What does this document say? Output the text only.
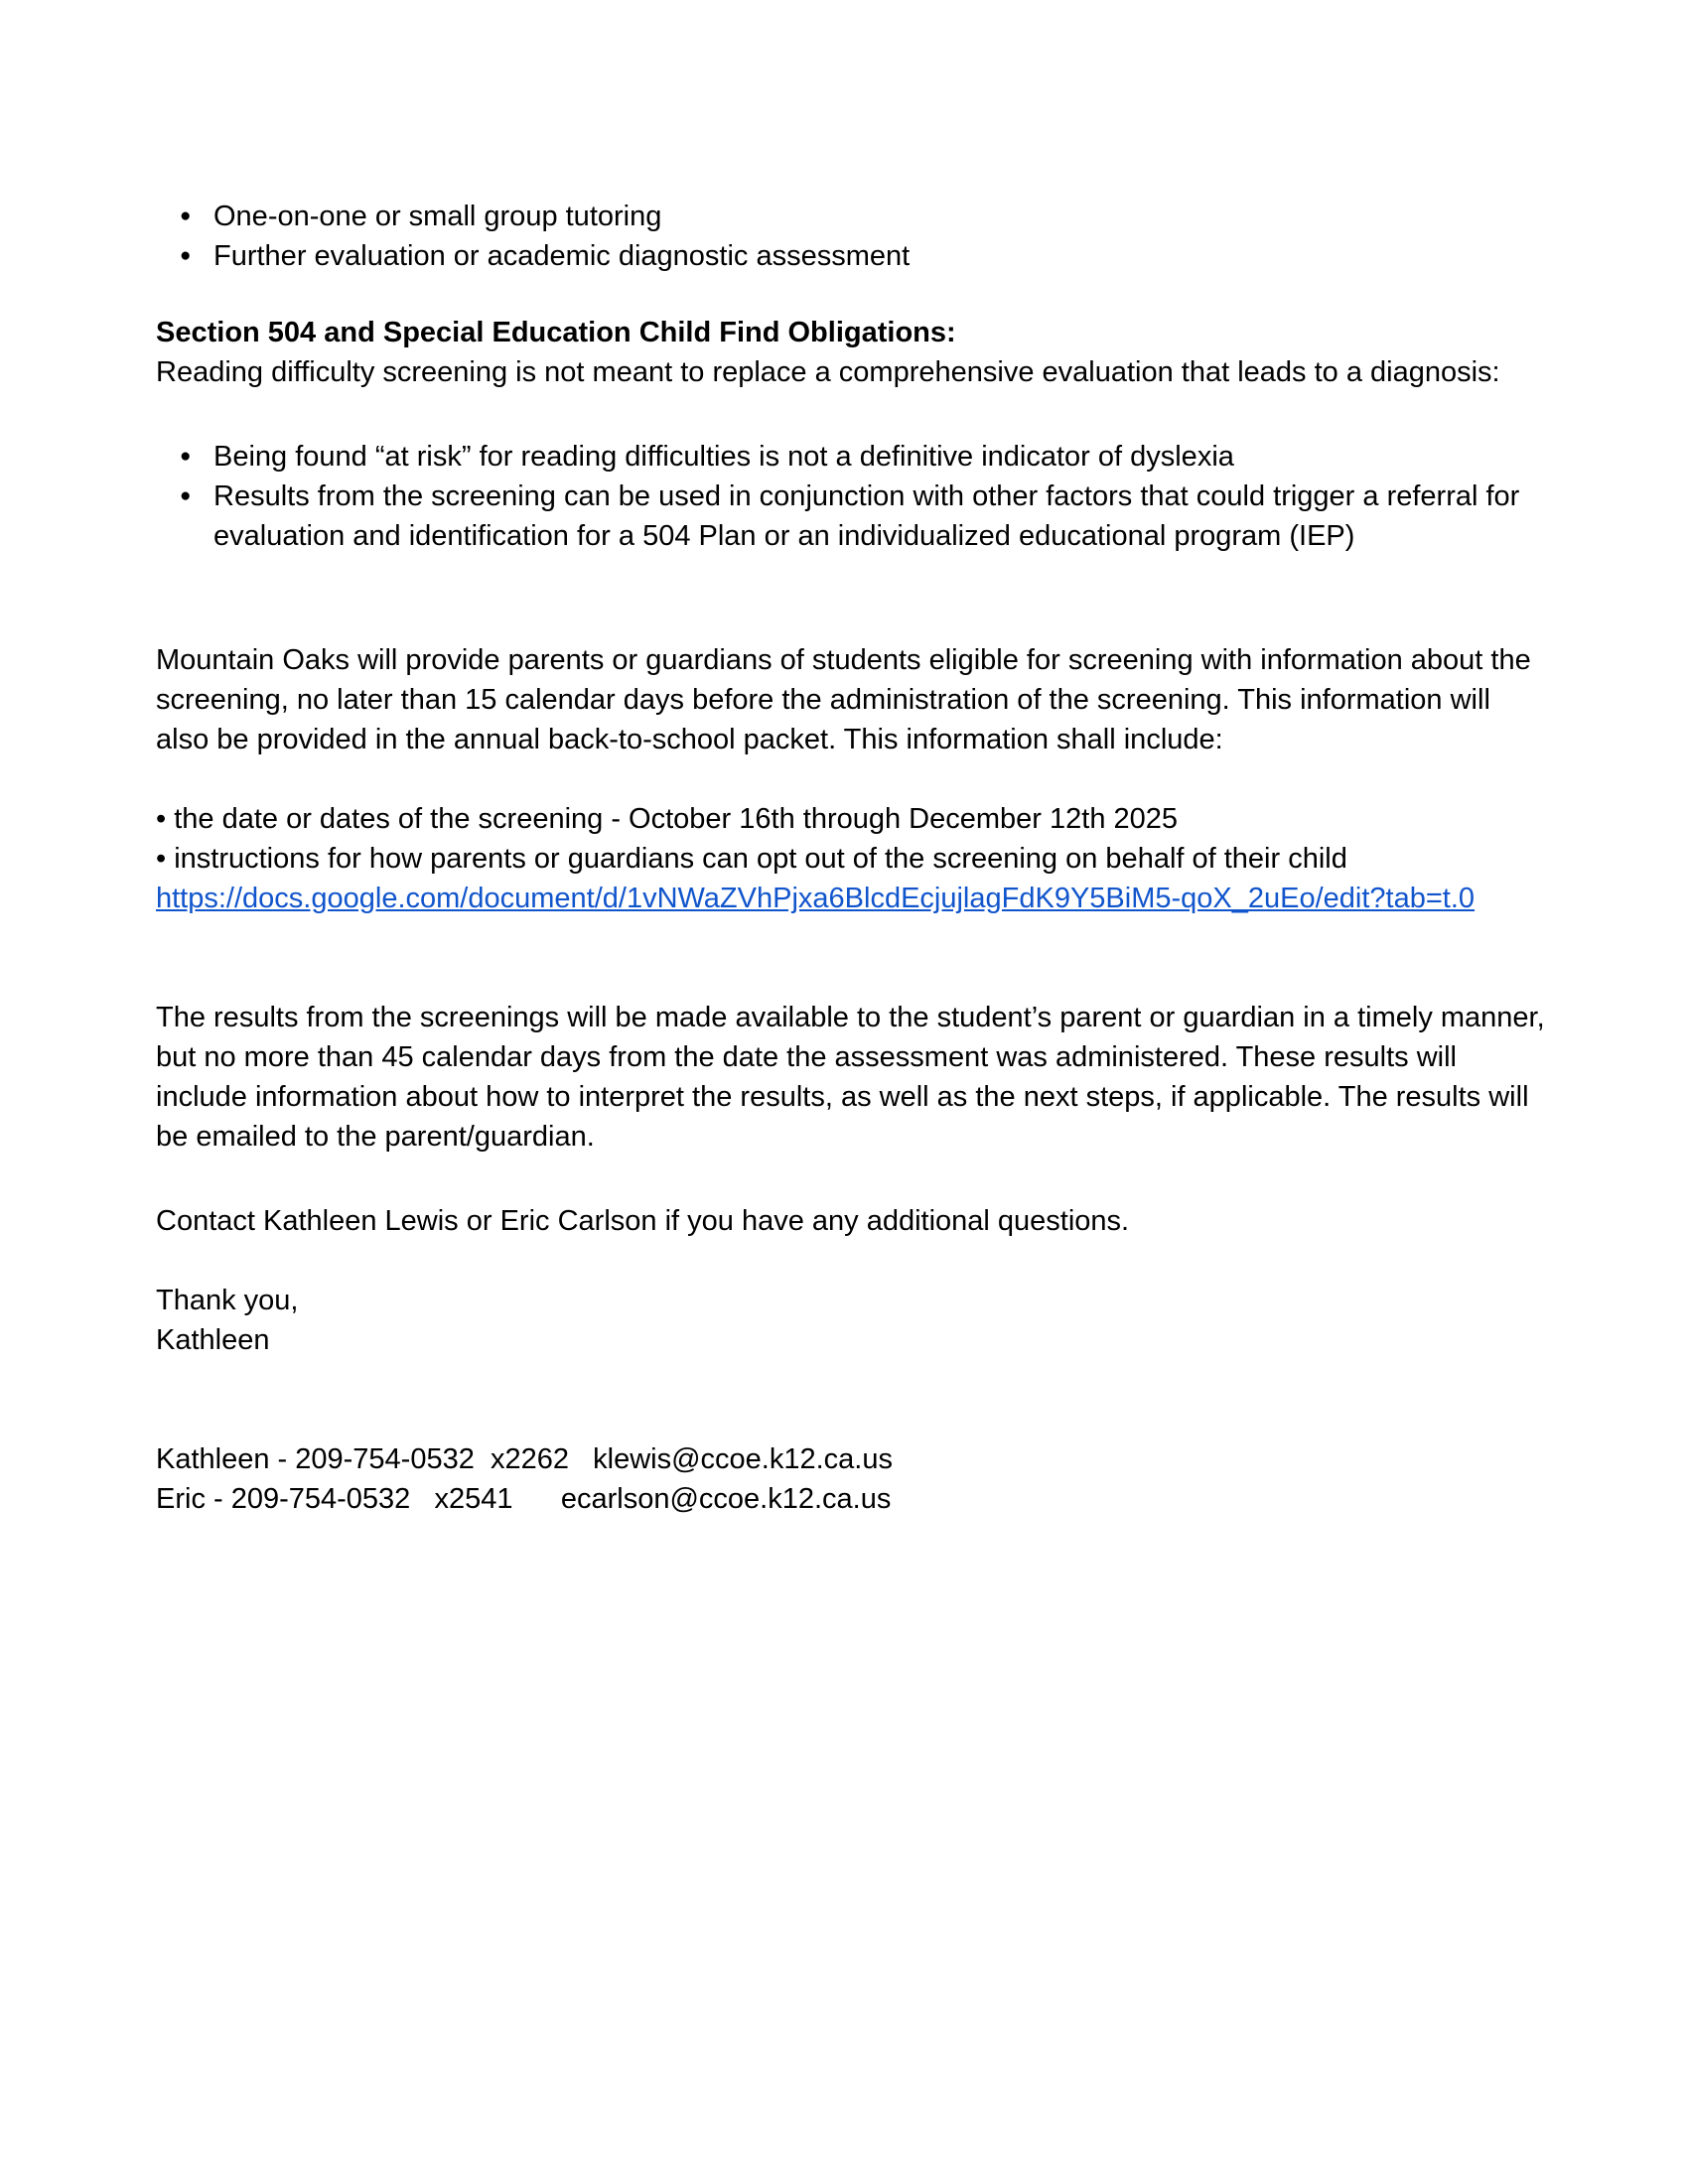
● One-on-one or small group tutoring
● Further evaluation or academic diagnostic assessment
Section 504 and Special Education Child Find Obligations:

Reading difficulty screening is not meant to replace a comprehensive evaluation that leads to a diagnosis:

● Being found “at risk” for reading difficulties is not a definitive indicator of dyslexia
● Results from the screening can be used in conjunction with other factors that could trigger a referral for evaluation and identification for a 504 Plan or an individualized educational program (IEP)

Mountain Oaks will provide parents or guardians of students eligible for screening with information about the screening, no later than 15 calendar days before the administration of the screening. This information will also be provided in the annual back-to-school packet. This information shall include:

• the date or dates of the screening - October 16th through December 12th 2025

• instructions for how parents or guardians can opt out of the screening on behalf of their child

https://docs.google.com/document/d/1vNWaZVhPjxa6BlcdEcjujlagFdK9Y5BiM5-qoX_2uEo/edit?tab=t.0

The results from the screenings will be made available to the student’s parent or guardian in a timely manner, but no more than 45 calendar days from the date the assessment was administered. These results will include information about how to interpret the results, as well as the next steps, if applicable. The results will be emailed to the parent/guardian.

Contact Kathleen Lewis or Eric Carlson if you have any additional questions.

Thank you,

Kathleen

Kathleen - 209-754-0532  x2262   klewis@ccoe.k12.ca.us

Eric - 209-754-0532   x2541      ecarlson@ccoe.k12.ca.us
